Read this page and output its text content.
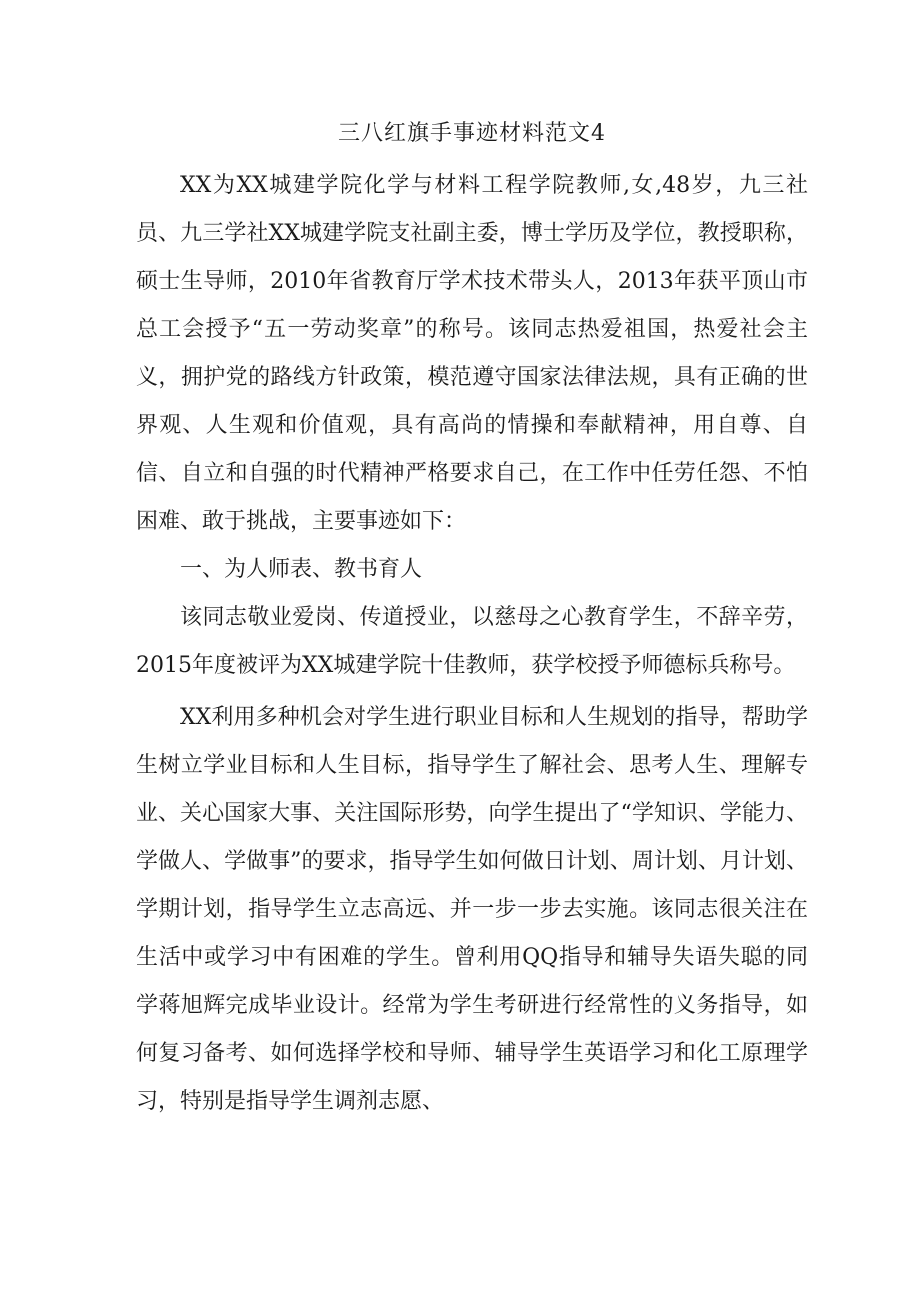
三八红旗手事迹材料范文4

XX为XX城建学院化学与材料工程学院教师,女,48岁，九三社员、九三学社XX城建学院支社副主委，博士学历及学位，教授职称，硕士生导师，2010年省教育厅学术技术带头人，2013年获平顶山市总工会授予“五一劳动奖章”的称号。该同志热爱祖国，热爱社会主义，拥护党的路线方针政策，模范遵守国家法律法规，具有正确的世界观、人生观和价值观，具有高尚的情操和奉献精神，用自尊、自信、自立和自强的时代精神严格要求自己，在工作中任劳任怨、不怕困难、敢于挑战，主要事迹如下：

一、为人师表、教书育人

该同志敬业爱岗、传道授业，以慈母之心教育学生，不辞辛劳，2015年度被评为XX城建学院十佳教师，获学校授予师德标兵称号。

XX利用多种机会对学生进行职业目标和人生规划的指导，帮助学生树立学业目标和人生目标，指导学生了解社会、思考人生、理解专业、关心国家大事、关注国际形势，向学生提出了“学知识、学能力、学做人、学做事”的要求，指导学生如何做日计划、周计划、月计划、学期计划，指导学生立志高远、并一步一步去实施。该同志很关注在生活中或学习中有困难的学生。曾利用QQ指导和辅导失语失聪的同学蒋旭辉完成毕业设计。经常为学生考研进行经常性的义务指导，如何复习备考、如何选择学校和导师、辅导学生英语学习和化工原理学习，特别是指导学生调剂志愿、
